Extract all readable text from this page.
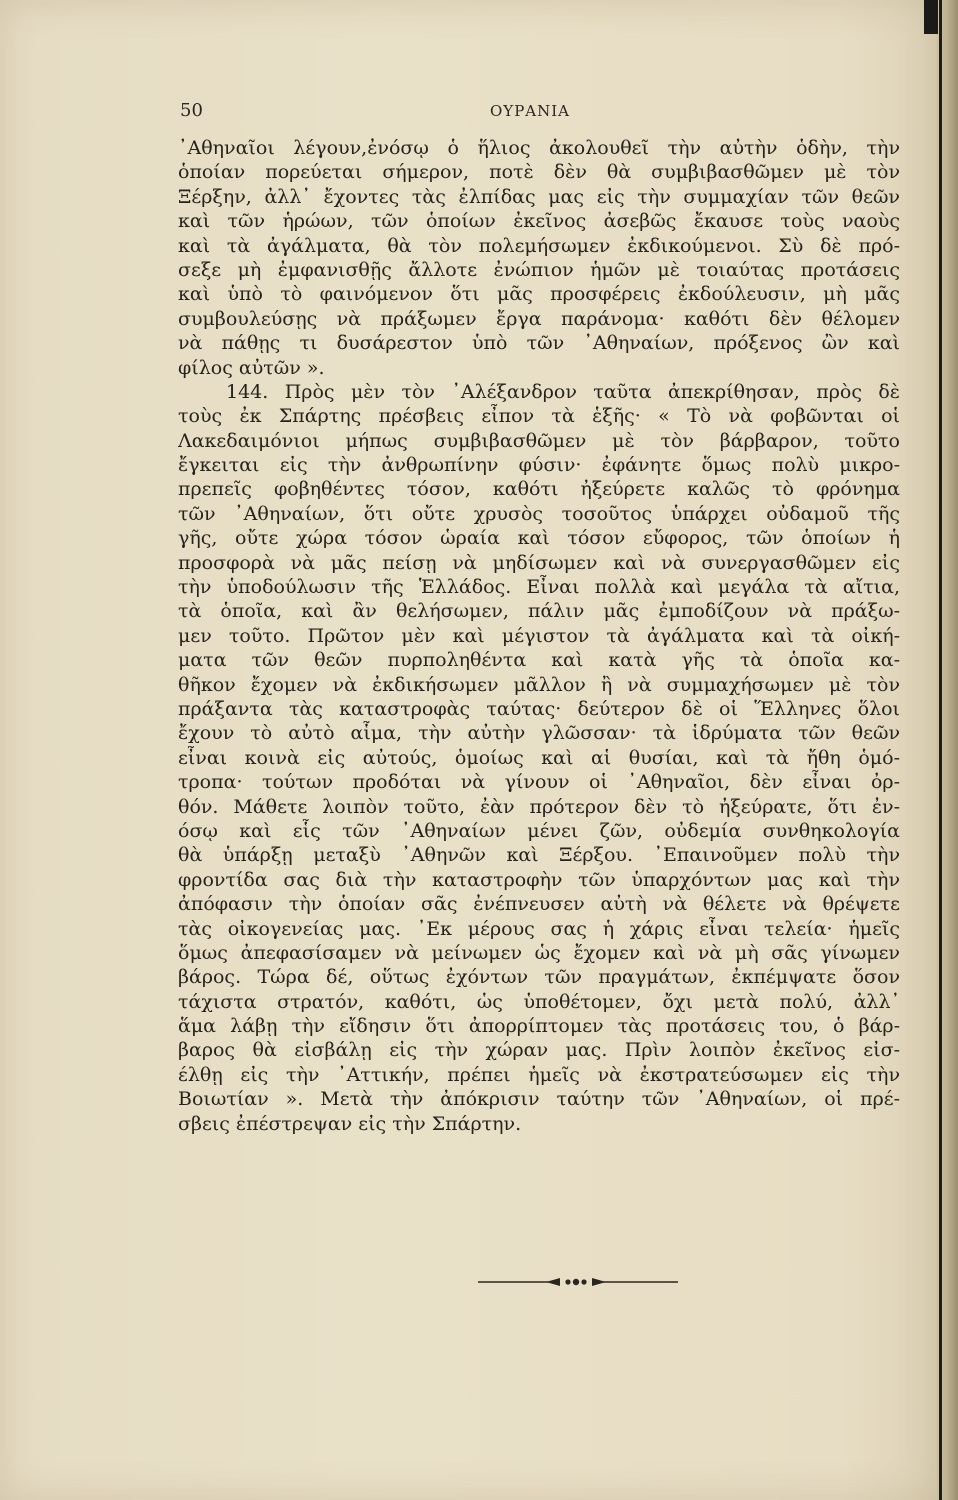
50	ΟΥΡΑΝΙΑ
᾿Αθηναῖοι λέγουν,ἐνόσῳ ὁ ἥλιος ἀκολουθεῖ τὴν αὐτὴν ὁδὴν, τὴν
ὁποίαν πορεύεται σήμερον, ποτὲ δὲν θὰ συμβιβασθῶμεν μὲ τὸν
Ξέρξην, ἀλλ᾿ ἔχοντες τὰς ἐλπίδας μας εἰς τὴν συμμαχίαν τῶν θεῶν
καὶ τῶν ἡρώων, τῶν ὁποίων ἐκεῖνος ἀσεβῶς ἔκαυσε τοὺς ναοὺς
καὶ τὰ ἀγάλματα, θὰ τὸν πολεμήσωμεν ἐκδικούμενοι. Σὺ δὲ πρό-
σεξε μὴ ἐμφανισθῇς ἄλλοτε ἐνώπιον ἡμῶν μὲ τοιαύτας προτάσεις
καὶ ὑπὸ τὸ φαινόμενον ὅτι μᾶς προσφέρεις ἐκδούλευσιν, μὴ μᾶς
συμβουλεύσῃς νὰ πράξωμεν ἔργα παράνομα· καθότι δὲν θέλομεν
νὰ πάθῃς τι δυσάρεστον ὑπὸ τῶν ᾿Αθηναίων, πρόξενος ὢν καὶ
φίλος αὐτῶν ».
144. Πρὸς μὲν τὸν ᾿Αλέξανδρον ταῦτα ἀπεκρίθησαν, πρὸς δὲ
τοὺς ἐκ Σπάρτης πρέσβεις εἶπον τὰ ἑξῆς· « Τὸ νὰ φοβῶνται οἱ
Λακεδαιμόνιοι μήπως συμβιβασθῶμεν μὲ τὸν βάρβαρον, τοῦτο
ἔγκειται εἰς τὴν ἀνθρωπίνην φύσιν· ἐφάνητε ὅμως πολὺ μικρο-
πρεπεῖς φοβηθέντες τόσον, καθότι ἠξεύρετε καλῶς τὸ φρόνημα
τῶν ᾿Αθηναίων, ὅτι οὔτε χρυσὸς τοσοῦτος ὑπάρχει οὐδαμοῦ τῆς
γῆς, οὔτε χώρα τόσον ὡραία καὶ τόσον εὔφορος, τῶν ὁποίων ἡ
προσφορὰ νὰ μᾶς πείσῃ νὰ μηδίσωμεν καὶ νὰ συνεργασθῶμεν εἰς
τὴν ὑποδούλωσιν τῆς Ἑλλάδος. Εἶναι πολλὰ καὶ μεγάλα τὰ αἴτια,
τὰ ὁποῖα, καὶ ἂν θελήσωμεν, πάλιν μᾶς ἐμποδίζουν νὰ πράξω-
μεν τοῦτο. Πρῶτον μὲν καὶ μέγιστον τὰ ἀγάλματα καὶ τὰ οἰκή-
ματα τῶν θεῶν πυρποληθέντα καὶ κατὰ γῆς τὰ ὁποῖα κα-
θῆκον ἔχομεν νὰ ἐκδικήσωμεν μᾶλλον ἢ νὰ συμμαχήσωμεν μὲ τὸν
πράξαντα τὰς καταστροφὰς ταύτας· δεύτερον δὲ οἱ Ἕλληνες ὅλοι
ἔχουν τὸ αὐτὸ αἷμα, τὴν αὐτὴν γλῶσσαν· τὰ ἱδρύματα τῶν θεῶν
εἶναι κοινὰ εἰς αὐτούς, ὁμοίως καὶ αἱ θυσίαι, καὶ τὰ ἤθη ὁμό-
τροπα· τούτων προδόται νὰ γίνουν οἱ ᾿Αθηναῖοι, δὲν εἶναι ὀρ-
θόν. Μάθετε λοιπὸν τοῦτο, ἐὰν πρότερον δὲν τὸ ἠξεύρατε, ὅτι ἐν-
όσῳ καὶ εἷς τῶν ᾿Αθηναίων μένει ζῶν, οὐδεμία συνθηκολογία
θὰ ὑπάρξῃ μεταξὺ ᾿Αθηνῶν καὶ Ξέρξου. ᾿Επαινοῦμεν πολὺ τὴν
φροντίδα σας διὰ τὴν καταστροφὴν τῶν ὑπαρχόντων μας καὶ τὴν
ἀπόφασιν τὴν ὁποίαν σᾶς ἐνέπνευσεν αὐτὴ νὰ θέλετε νὰ θρέψετε
τὰς οἰκογενείας μας. ᾿Εκ μέρους σας ἡ χάρις εἶναι τελεία· ἡμεῖς
ὅμως ἀπεφασίσαμεν νὰ μείνωμεν ὡς ἔχομεν καὶ νὰ μὴ σᾶς γίνωμεν
βάρος. Τώρα δέ, οὕτως ἐχόντων τῶν πραγμάτων, ἐκπέμψατε ὅσον
τάχιστα στρατόν, καθότι, ὡς ὑποθέτομεν, ὄχι μετὰ πολύ, ἀλλ᾿
ἅμα λάβῃ τὴν εἴδησιν ὅτι ἀπορρίπτομεν τὰς προτάσεις του, ὁ βάρ-
βαρος θὰ εἰσβάλῃ εἰς τὴν χώραν μας. Πρὶν λοιπὸν ἐκεῖνος εἰσ-
έλθῃ εἰς τὴν ᾿Αττικήν, πρέπει ἡμεῖς νὰ ἐκστρατεύσωμεν εἰς τὴν
Βοιωτίαν ». Μετὰ τὴν ἀπόκρισιν ταύτην τῶν ᾿Αθηναίων, οἱ πρέ-
σβεις ἐπέστρεψαν εἰς τὴν Σπάρτην.
